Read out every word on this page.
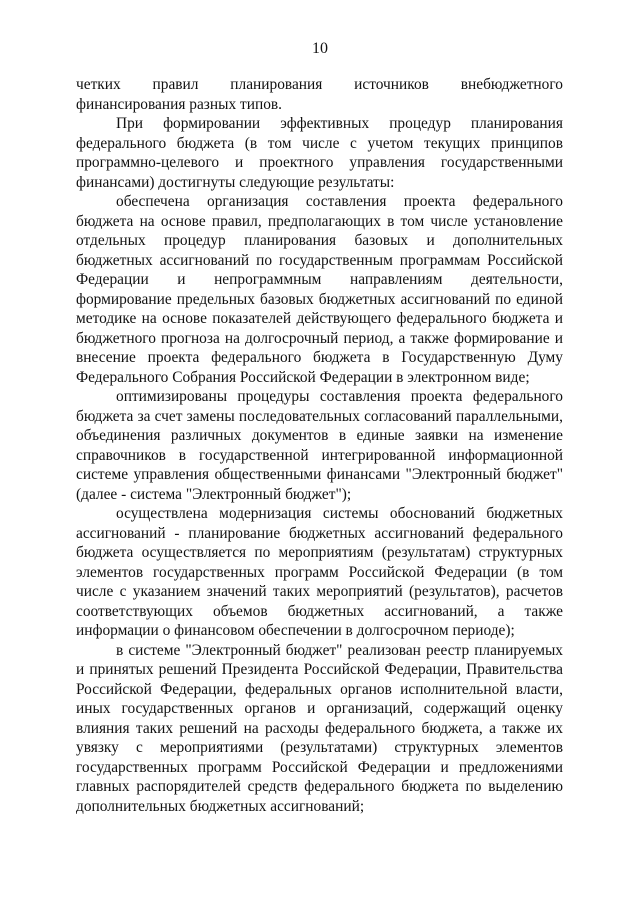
10

четких правил планирования источников внебюджетного финансирования разных типов.

При формировании эффективных процедур планирования федерального бюджета (в том числе с учетом текущих принципов программно-целевого и проектного управления государственными финансами) достигнуты следующие результаты:

обеспечена организация составления проекта федерального бюджета на основе правил, предполагающих в том числе установление отдельных процедур планирования базовых и дополнительных бюджетных ассигнований по государственным программам Российской Федерации и непрограммным направлениям деятельности, формирование предельных базовых бюджетных ассигнований по единой методике на основе показателей действующего федерального бюджета и бюджетного прогноза на долгосрочный период, а также формирование и внесение проекта федерального бюджета в Государственную Думу Федерального Собрания Российской Федерации в электронном виде;

оптимизированы процедуры составления проекта федерального бюджета за счет замены последовательных согласований параллельными, объединения различных документов в единые заявки на изменение справочников в государственной интегрированной информационной системе управления общественными финансами "Электронный бюджет" (далее - система "Электронный бюджет");

осуществлена модернизация системы обоснований бюджетных ассигнований - планирование бюджетных ассигнований федерального бюджета осуществляется по мероприятиям (результатам) структурных элементов государственных программ Российской Федерации (в том числе с указанием значений таких мероприятий (результатов), расчетов соответствующих объемов бюджетных ассигнований, а также информации о финансовом обеспечении в долгосрочном периоде);

в системе "Электронный бюджет" реализован реестр планируемых и принятых решений Президента Российской Федерации, Правительства Российской Федерации, федеральных органов исполнительной власти, иных государственных органов и организаций, содержащий оценку влияния таких решений на расходы федерального бюджета, а также их увязку с мероприятиями (результатами) структурных элементов государственных программ Российской Федерации и предложениями главных распорядителей средств федерального бюджета по выделению дополнительных бюджетных ассигнований;
